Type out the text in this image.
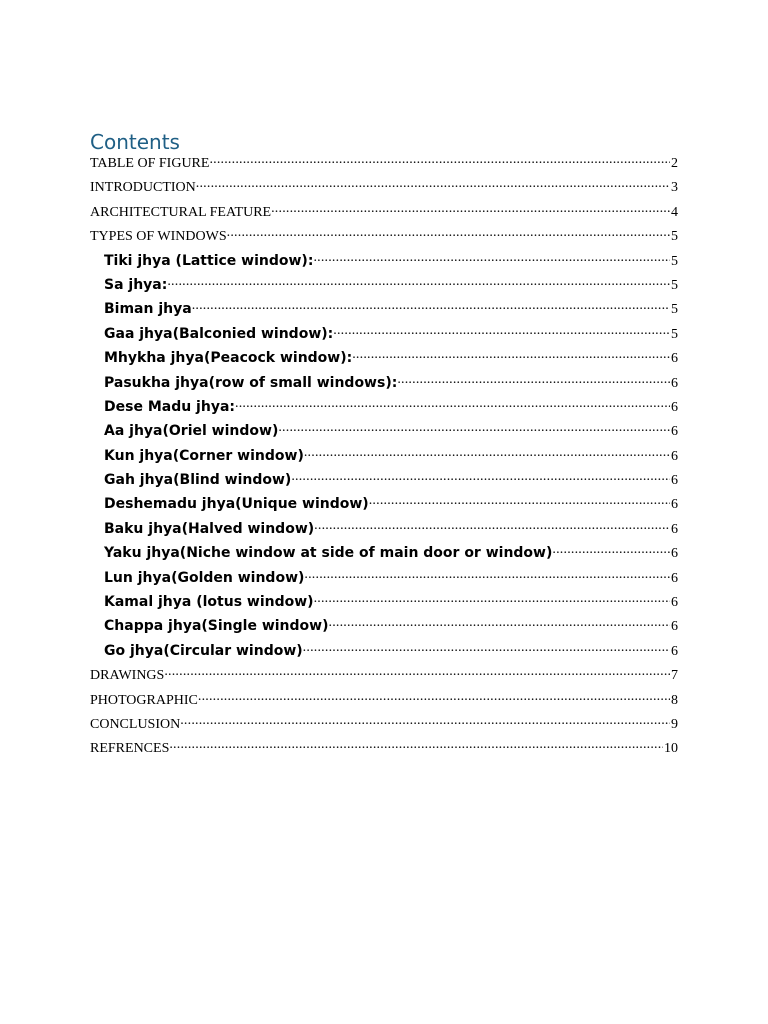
Contents
TABLE OF FIGURE .....	2
INTRODUCTION .....	3
ARCHITECTURAL FEATURE .....	4
TYPES OF WINDOWS .....	5
Tiki jhya (Lattice window): .....	5
Sa jhya: .....	5
Biman jhya .....	5
Gaa jhya(Balconied window): .....	5
Mhykha jhya(Peacock window): .....	6
Pasukha jhya(row of small windows): .....	6
Dese Madu jhya: .....	6
Aa jhya(Oriel window) .....	6
Kun jhya(Corner window) .....	6
Gah jhya(Blind window) .....	6
Deshemadu jhya(Unique window) .....	6
Baku jhya(Halved window) .....	6
Yaku jhya(Niche window at side of main door or window) .....	6
Lun jhya(Golden window) .....	6
Kamal jhya (lotus window) .....	6
Chappa jhya(Single window) .....	6
Go jhya(Circular window) .....	6
DRAWINGS .....	7
PHOTOGRAPHIC .....	8
CONCLUSION .....	9
REFRENCES .....	10
